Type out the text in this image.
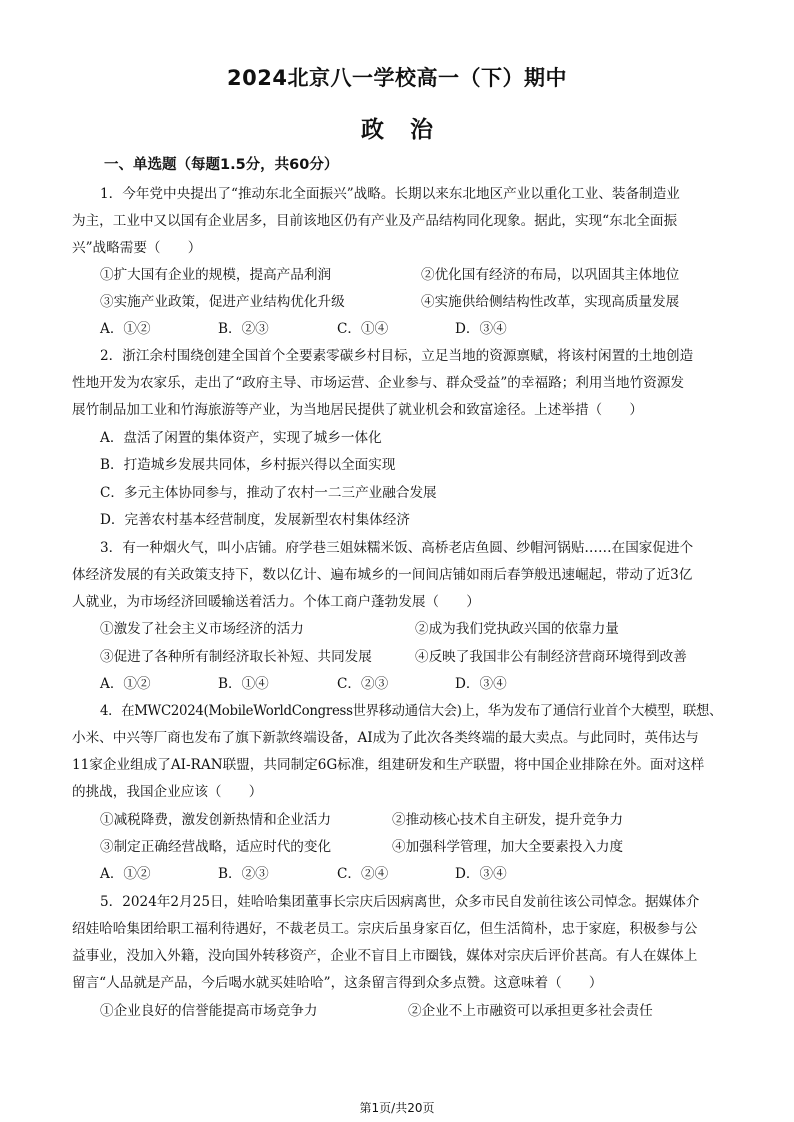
2024北京八一学校高一（下）期中
政治
一、单选题（每题1.5分，共60分）
1．今年党中央提出了“推动东北全面振兴”战略。长期以来东北地区产业以重化工业、装备制造业
为主，工业中又以国有企业居多，目前该地区仍有产业及产品结构同化现象。据此，实现“东北全面振
兴”战略需要（　　）
①扩大国有企业的规模，提高产品利润	②优化国有经济的布局，以巩固其主体地位
③实施产业政策，促进产业结构优化升级	④实施供给侧结构性改革，实现高质量发展
A．①②	B．②③	C．①④	D．③④
2．浙江余村围绕创建全国首个全要素零碳乡村目标，立足当地的资源禀赋，将该村闲置的土地创造
性地开发为农家乐，走出了“政府主导、市场运营、企业参与、群众受益”的幸福路；利用当地竹资源发
展竹制品加工业和竹海旅游等产业，为当地居民提供了就业机会和致富途径。上述举措（　　）
A．盘活了闲置的集体资产，实现了城乡一体化
B．打造城乡发展共同体，乡村振兴得以全面实现
C．多元主体协同参与，推动了农村一二三产业融合发展
D．完善农村基本经营制度，发展新型农村集体经济
3．有一种烟火气，叫小店铺。府学巷三姐妹糯米饭、高桥老店鱼圆、纱帽河锅贴……在国家促进个
体经济发展的有关政策支持下，数以亿计、遍布城乡的一间间店铺如雨后春笋般迅速崛起，带动了近3亿
人就业，为市场经济回暖输送着活力。个体工商户蓬勃发展（　　）
①激发了社会主义市场经济的活力	②成为我们党执政兴国的依靠力量
③促进了各种所有制经济取长补短、共同发展	④反映了我国非公有制经济营商环境得到改善
A．①②	B．①④	C．②③	D．③④
4．在MWC2024(MobileWorldCongress世界移动通信大会)上，华为发布了通信行业首个大模型，联想、
小米、中兴等厂商也发布了旗下新款终端设备，AI成为了此次各类终端的最大卖点。与此同时，英伟达与
11家企业组成了AI-RAN联盟，共同制定6G标准，组建研发和生产联盟，将中国企业排除在外。面对这样
的挑战，我国企业应该（　　）
①减税降费，激发创新热情和企业活力	②推动核心技术自主研发，提升竞争力
③制定正确经营战略，适应时代的变化	④加强科学管理，加大全要素投入力度
A．①②	B．②③	C．②④	D．③④
5．2024年2月25日，娃哈哈集团董事长宗庆后因病离世，众多市民自发前往该公司悼念。据媒体介
绍娃哈哈集团给职工福利待遇好，不裁老员工。宗庆后虽身家百亿，但生活简朴，忠于家庭，积极参与公
益事业，没加入外籍，没向国外转移资产，企业不盲目上市圈钱，媒体对宗庆后评价甚高。有人在媒体上
留言“人品就是产品，今后喝水就买娃哈哈”，这条留言得到众多点赞。这意味着（　　）
①企业良好的信誉能提高市场竞争力	②企业不上市融资可以承担更多社会责任
第1页/共20页
